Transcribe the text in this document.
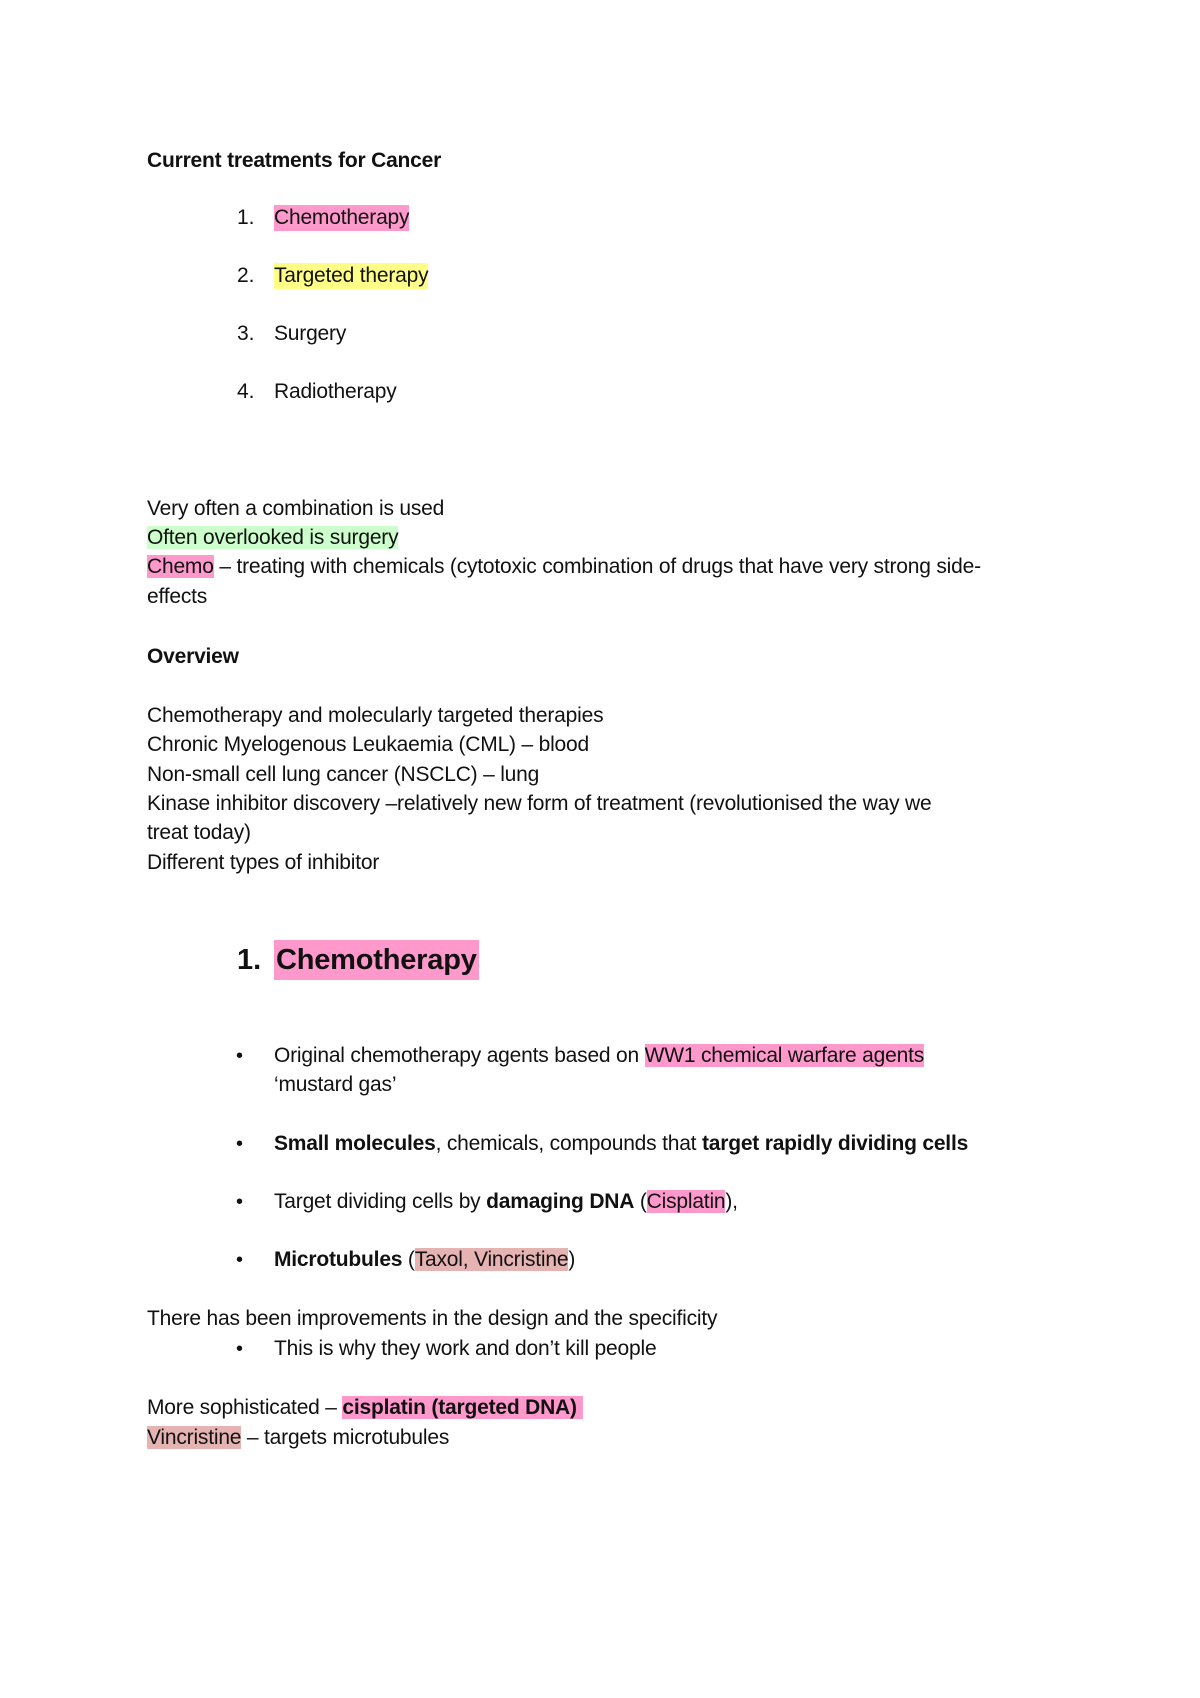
Current treatments for Cancer
1. Chemotherapy
2. Targeted therapy
3. Surgery
4. Radiotherapy
Very often a combination is used
Often overlooked is surgery
Chemo – treating with chemicals (cytotoxic combination of drugs that have very strong side-
effects
Overview
Chemotherapy and molecularly targeted therapies
Chronic Myelogenous Leukaemia (CML) – blood
Non-small cell lung cancer (NSCLC) – lung
Kinase inhibitor discovery –relatively new form of treatment (revolutionised the way we
treat today)
Different types of inhibitor
1. Chemotherapy
• Original chemotherapy agents based on WW1 chemical warfare agents
‘mustard gas’
• Small molecules, chemicals, compounds that target rapidly dividing cells
• Target dividing cells by damaging DNA (Cisplatin),
• Microtubules (Taxol, Vincristine)
There has been improvements in the design and the specificity
• This is why they work and don’t kill people
More sophisticated – cisplatin (targeted DNA)
Vincristine – targets microtubules
